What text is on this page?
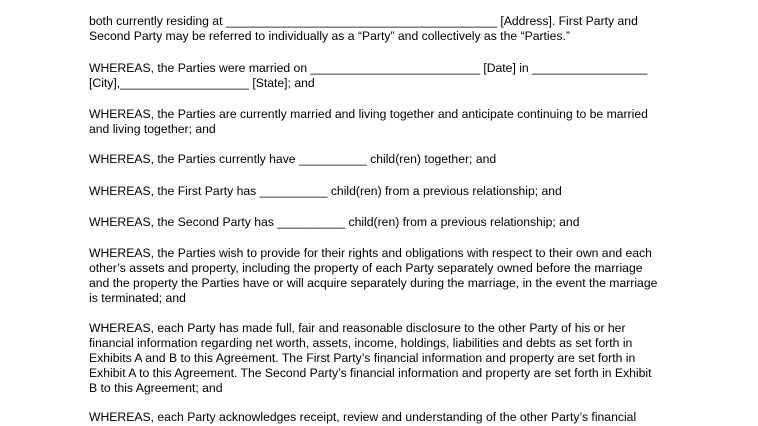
both currently residing at ________________________________________ [Address]. First Party and
Second Party may be referred to individually as a “Party” and collectively as the “Parties.”
WHEREAS, the Parties were married on _________________________ [Date] in _________________
[City],___________________ [State]; and
WHEREAS, the Parties are currently married and living together and anticipate continuing to be married
and living together; and
WHEREAS, the Parties currently have __________ child(ren) together; and
WHEREAS, the First Party has __________ child(ren) from a previous relationship; and
WHEREAS, the Second Party has __________ child(ren) from a previous relationship; and
WHEREAS, the Parties wish to provide for their rights and obligations with respect to their own and each
other’s assets and property, including the property of each Party separately owned before the marriage
and the property the Parties have or will acquire separately during the marriage, in the event the marriage
is terminated; and
WHEREAS, each Party has made full, fair and reasonable disclosure to the other Party of his or her
financial information regarding net worth, assets, income, holdings, liabilities and debts as set forth in
Exhibits A and B to this Agreement. The First Party’s financial information and property are set forth in
Exhibit A to this Agreement. The Second Party’s financial information and property are set forth in Exhibit
B to this Agreement; and
WHEREAS, each Party acknowledges receipt, review and understanding of the other Party’s financial
